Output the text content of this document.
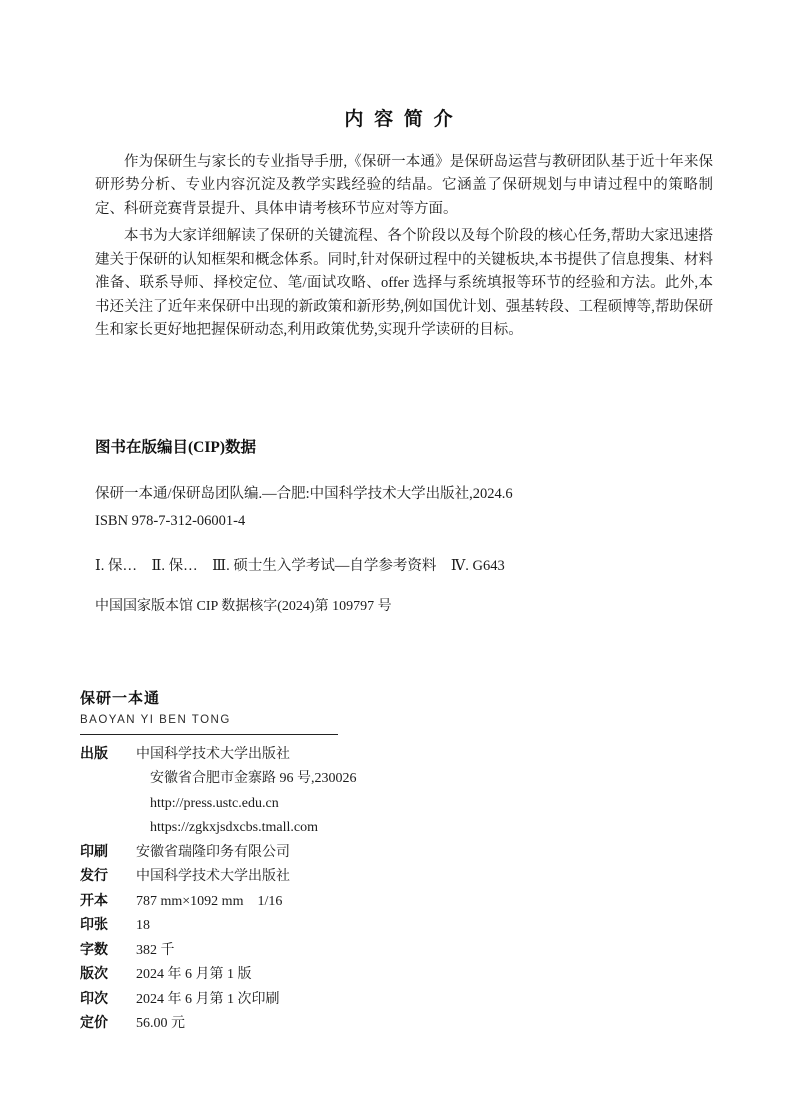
内 容 简 介

作为保研生与家长的专业指导手册,《保研一本通》是保研岛运营与教研团队基于近十年来保研形势分析、专业内容沉淀及教学实践经验的结晶。它涵盖了保研规划与申请过程中的策略制定、科研竞赛背景提升、具体申请考核环节应对等方面。

本书为大家详细解读了保研的关键流程、各个阶段以及每个阶段的核心任务,帮助大家迅速搭建关于保研的认知框架和概念体系。同时,针对保研过程中的关键板块,本书提供了信息搜集、材料准备、联系导师、择校定位、笔/面试攻略、offer 选择与系统填报等环节的经验和方法。此外,本书还关注了近年来保研中出现的新政策和新形势,例如国优计划、强基转段、工程硕博等,帮助保研生和家长更好地把握保研动态,利用政策优势,实现升学读研的目标。

图书在版编目(CIP)数据

保研一本通/保研岛团队编.—合肥:中国科学技术大学出版社,2024.6

ISBN 978-7-312-06001-4

Ⅰ. 保…　Ⅱ. 保…　Ⅲ. 硕士生入学考试—自学参考资料　Ⅳ. G643

中国国家版本馆 CIP 数据核字(2024)第 109797 号

保研一本通
BAOYAN YI BEN TONG
出版 中国科学技术大学出版社
安徽省合肥市金寨路 96 号,230026
http://press.ustc.edu.cn
https://zgkxjsdxcbs.tmall.com
印刷 安徽省瑞隆印务有限公司
发行 中国科学技术大学出版社
开本 787 mm×1092 mm　1/16
印张 18
字数 382 千
版次 2024 年 6 月第 1 版
印次 2024 年 6 月第 1 次印刷
定价 56.00 元
